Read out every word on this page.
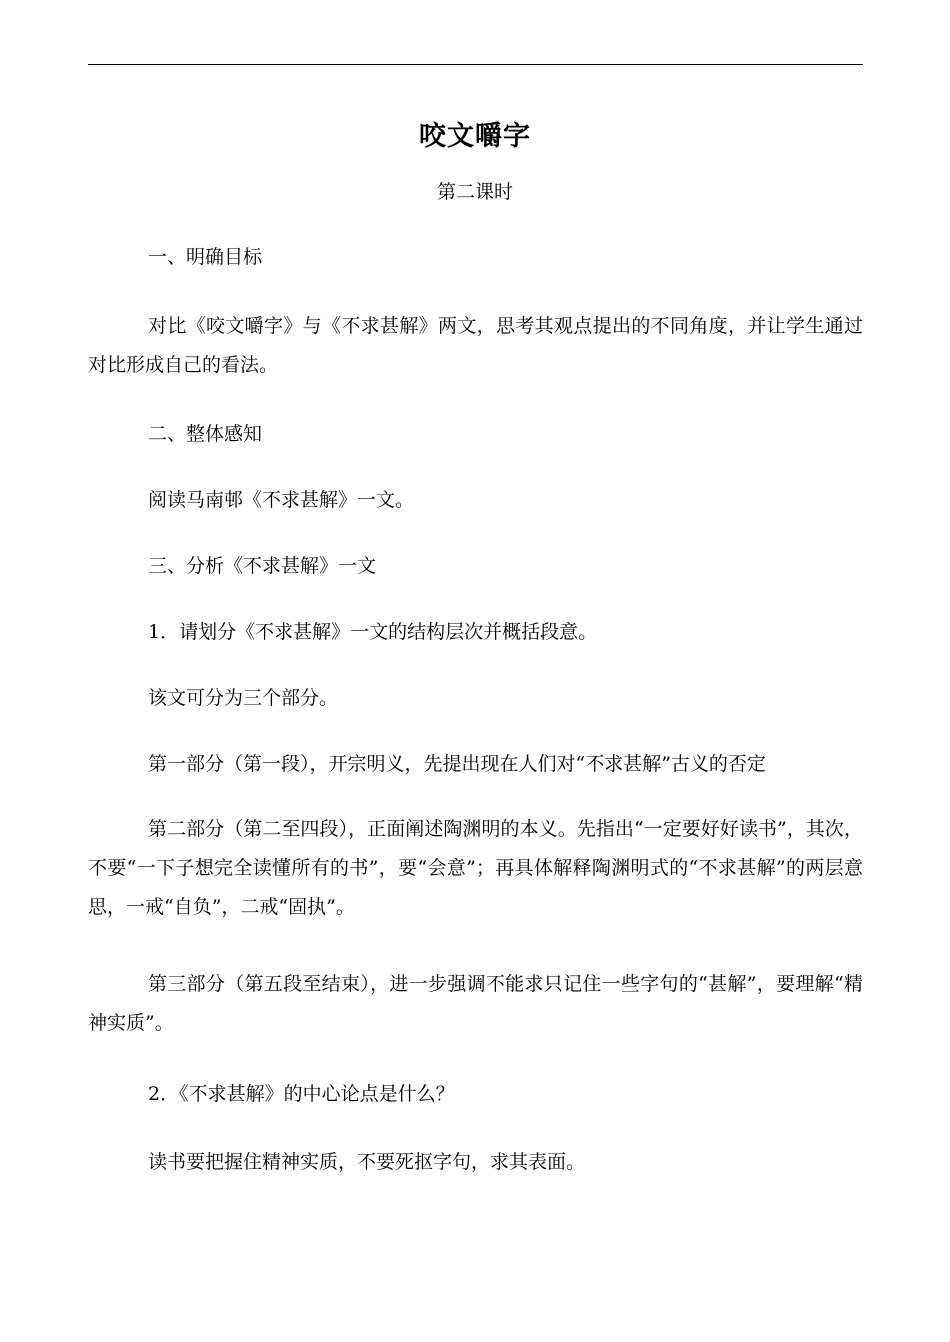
咬文嚼字
第二课时

一、明确目标

对比《咬文嚼字》与《不求甚解》两文，思考其观点提出的不同角度，并让学生通过对比形成自己的看法。

二、整体感知

阅读马南邨《不求甚解》一文。

三、分析《不求甚解》一文

1．请划分《不求甚解》一文的结构层次并概括段意。

该文可分为三个部分。

第一部分（第一段），开宗明义，先提出现在人们对“不求甚解”古义的否定

第二部分（第二至四段），正面阐述陶渊明的本义。先指出“一定要好好读书”，其次，不要“一下子想完全读懂所有的书”，要“会意”；再具体解释陶渊明式的“不求甚解”的两层意思，一戒“自负”，二戒“固执”。

第三部分（第五段至结束），进一步强调不能求只记住一些字句的“甚解”，要理解“精神实质”。

2．《不求甚解》的中心论点是什么？

读书要把握住精神实质，不要死抠字句，求其表面。
